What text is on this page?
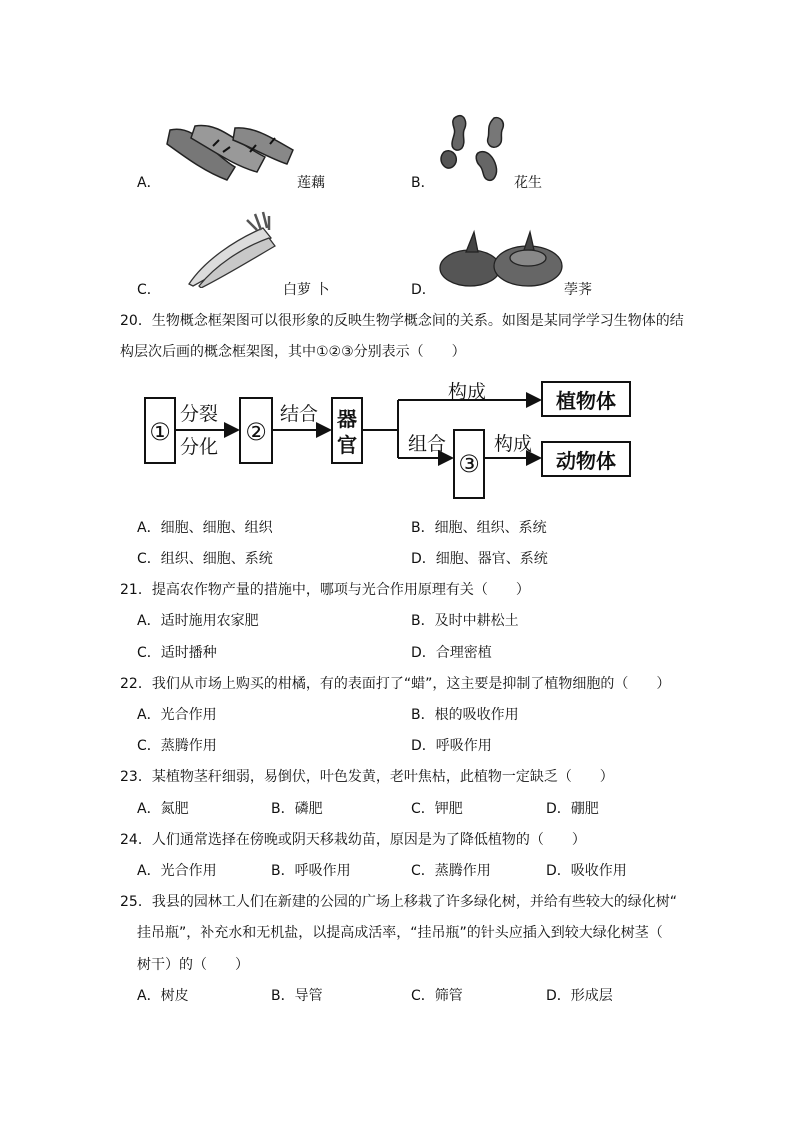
A．	莲藕	B．	花生
C．	白萝 卜	D．	荸荠
20．生物概念框架图可以很形象的反映生物学概念间的关系。如图是某同学学习生物体的结
构层次后画的概念框架图，其中①②③分别表示（　　）
①
分裂
分化
②
结合 器
官
构成	植物体
组合
③
构成
动物体
A．细胞、细胞、组织	B．细胞、组织、系统
C．组织、细胞、系统	D．细胞、器官、系统
21．提高农作物产量的措施中，哪项与光合作用原理有关（　　）
A．适时施用农家肥	B．及时中耕松土
C．适时播种	D．合理密植
22．我们从市场上购买的柑橘，有的表面打了“蜡”，这主要是抑制了植物细胞的（　　）
A．光合作用	B．根的吸收作用
C．蒸腾作用	D．呼吸作用
23．某植物茎秆细弱，易倒伏，叶色发黄，老叶焦枯，此植物一定缺乏（　　）
A．氮肥	B．磷肥	C．钾肥	D．硼肥
24．人们通常选择在傍晚或阴天移栽幼苗，原因是为了降低植物的（　　）
A．光合作用	B．呼吸作用	C．蒸腾作用	D．吸收作用
25．我县的园林工人们在新建的公园的广场上移栽了许多绿化树，并给有些较大的绿化树“
挂吊瓶”，补充水和无机盐，以提高成活率，“挂吊瓶”的针头应插入到较大绿化树茎（
树干）的（　　）
A．树皮	B．导管	C．筛管	D．形成层
